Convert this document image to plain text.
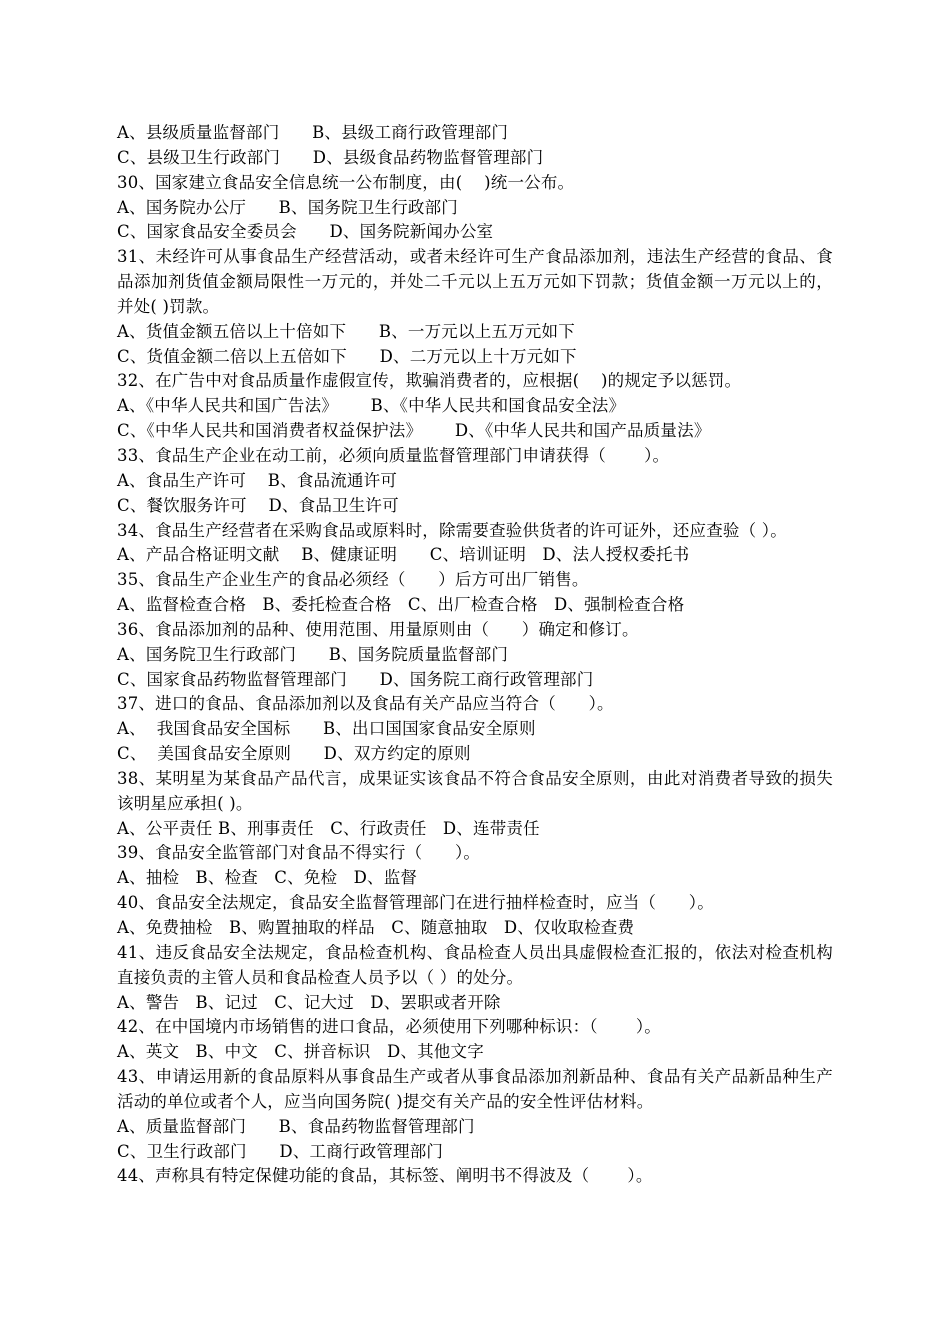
A、县级质量监督部门      B、县级工商行政管理部门
C、县级卫生行政部门      D、县级食品药物监督管理部门
30、国家建立食品安全信息统一公布制度，由(    )统一公布。
A、国务院办公厅      B、国务院卫生行政部门
C、国家食品安全委员会      D、国务院新闻办公室
31、未经许可从事食品生产经营活动，或者未经许可生产食品添加剂，违法生产经营的食品、食品添加剂货值金额局限性一万元的，并处二千元以上五万元如下罚款；货值金额一万元以上的，并处( )罚款。
A、货值金额五倍以上十倍如下      B、一万元以上五万元如下
C、货值金额二倍以上五倍如下      D、二万元以上十万元如下
32、在广告中对食品质量作虚假宣传，欺骗消费者的，应根据(    )的规定予以惩罚。
A、《中华人民共和国广告法》      B、《中华人民共和国食品安全法》
C、《中华人民共和国消费者权益保护法》      D、《中华人民共和国产品质量法》
33、食品生产企业在动工前，必须向质量监督管理部门申请获得（       ）。
A、食品生产许可    B、食品流通许可
C、餐饮服务许可    D、食品卫生许可
34、食品生产经营者在采购食品或原料时，除需要查验供货者的许可证外，还应查验（ ）。
A、产品合格证明文献    B、健康证明      C、培训证明   D、法人授权委托书
35、食品生产企业生产的食品必须经（      ）后方可出厂销售。
A、监督检查合格   B、委托检查合格   C、出厂检查合格   D、强制检查合格
36、食品添加剂的品种、使用范围、用量原则由（      ）确定和修订。
A、国务院卫生行政部门      B、国务院质量监督部门
C、国家食品药物监督管理部门      D、国务院工商行政管理部门
37、进口的食品、食品添加剂以及食品有关产品应当符合（      ）。
A、  我国食品安全国标      B、出口国国家食品安全原则
C、  美国食品安全原则      D、双方约定的原则
38、某明星为某食品产品代言，成果证实该食品不符合食品安全原则，由此对消费者导致的损失该明星应承担( )。
A、公平责任 B、刑事责任   C、行政责任   D、连带责任
39、食品安全监管部门对食品不得实行（      ）。
A、抽检   B、检查   C、免检   D、监督
40、食品安全法规定，食品安全监督管理部门在进行抽样检查时，应当（      ）。
A、免费抽检   B、购置抽取的样品   C、随意抽取   D、仅收取检查费
41、违反食品安全法规定，食品检查机构、食品检查人员出具虚假检查汇报的，依法对检查机构直接负责的主管人员和食品检查人员予以（ ）的处分。
A、警告   B、记过   C、记大过   D、罢职或者开除
42、在中国境内市场销售的进口食品，必须使用下列哪种标识：（       ）。
A、英文   B、中文   C、拼音标识   D、其他文字
43、申请运用新的食品原料从事食品生产或者从事食品添加剂新品种、食品有关产品新品种生产活动的单位或者个人，应当向国务院( )提交有关产品的安全性评估材料。
A、质量监督部门      B、食品药物监督管理部门
C、卫生行政部门      D、工商行政管理部门
44、声称具有特定保健功能的食品，其标签、阐明书不得波及（       ）。
